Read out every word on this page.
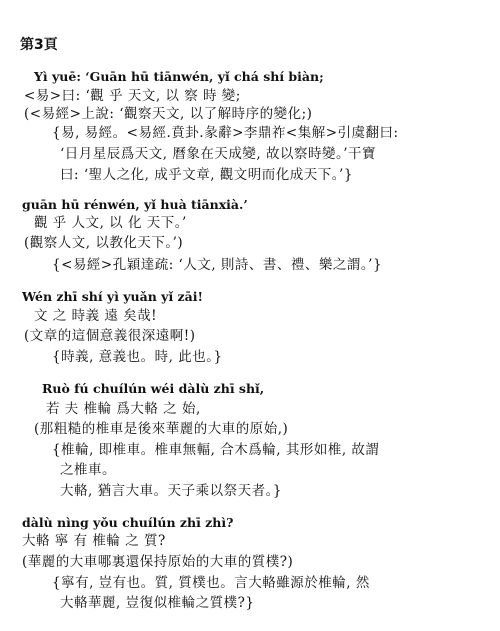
第3頁
Yì yuē: ‘Guān hū tiānwén, yǐ chá shí biàn;
<易>曰: ‘觀 乎 天文, 以 察 時 變;
(<易經>上說: ‘觀察天文, 以了解時序的變化;)
{易, 易經。<易經.賁卦.彖辭>李鼎祚<集解>引虞翻曰:
‘日月星辰爲天文, 曆象在天成變, 故以察時變。’干寶
曰: ‘聖人之化, 成乎文章, 觀文明而化成天下。’}
guān hū rénwén, yǐ huà tiānxià.’
觀 乎 人文, 以 化 天下。’
(觀察人文, 以教化天下。’)
{<易經>孔穎達疏: ‘人文, 則詩、書、禮、樂之謂。’}
Wén zhī shí yì yuǎn yǐ zāi!
文 之 時義 遠 矣哉!
(文章的這個意義很深遠啊!)
{時義, 意義也。時, 此也。}
Ruò fú chuílún wéi dàlù zhī shǐ,
若 夫 椎輪 爲大輅 之 始,
(那粗糙的椎車是後來華麗的大車的原始,)
{椎輪, 即椎車。椎車無輻, 合木爲輪, 其形如椎, 故謂
之椎車。
大輅, 猶言大車。天子乘以祭天者。}
dàlù nìng yǒu chuílún zhī zhì?
大輅 寧 有 椎輪 之 質?
(華麗的大車哪裏還保持原始的大車的質樸?)
{寧有, 豈有也。質, 質樸也。言大輅雖源於椎輪, 然
大輅華麗, 豈復似椎輪之質樸?}
